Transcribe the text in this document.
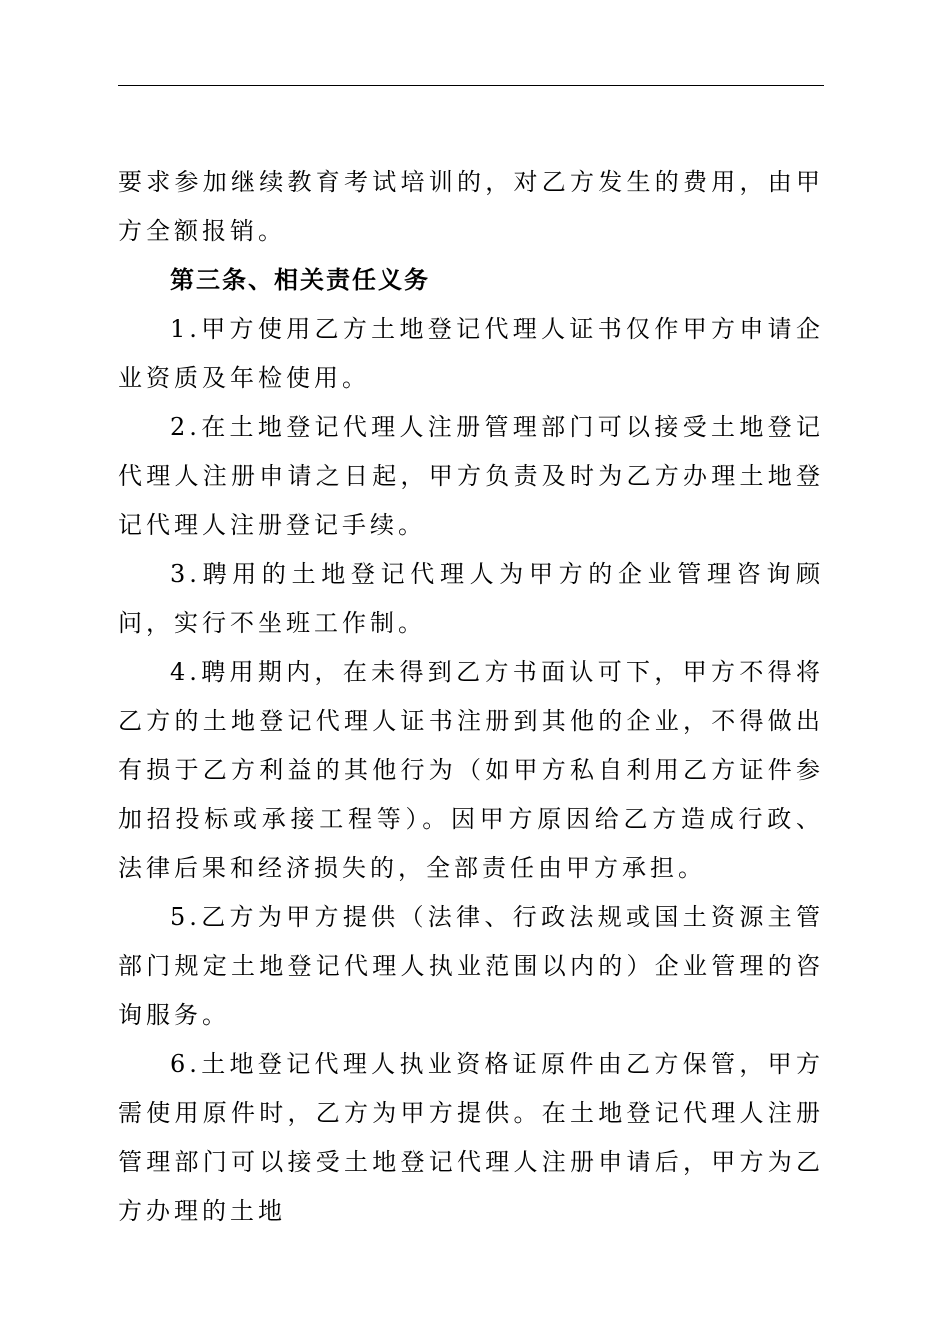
要求参加继续教育考试培训的，对乙方发生的费用，由甲方全额报销。

第三条、相关责任义务

1.甲方使用乙方土地登记代理人证书仅作甲方申请企业资质及年检使用。

2.在土地登记代理人注册管理部门可以接受土地登记代理人注册申请之日起，甲方负责及时为乙方办理土地登记代理人注册登记手续。

3.聘用的土地登记代理人为甲方的企业管理咨询顾问，实行不坐班工作制。

4.聘用期内，在未得到乙方书面认可下，甲方不得将乙方的土地登记代理人证书注册到其他的企业，不得做出有损于乙方利益的其他行为（如甲方私自利用乙方证件参加招投标或承接工程等）。因甲方原因给乙方造成行政、法律后果和经济损失的，全部责任由甲方承担。

5.乙方为甲方提供（法律、行政法规或国土资源主管部门规定土地登记代理人执业范围以内的）企业管理的咨询服务。

6.土地登记代理人执业资格证原件由乙方保管，甲方需使用原件时，乙方为甲方提供。在土地登记代理人注册管理部门可以接受土地登记代理人注册申请后，甲方为乙方办理的土地
